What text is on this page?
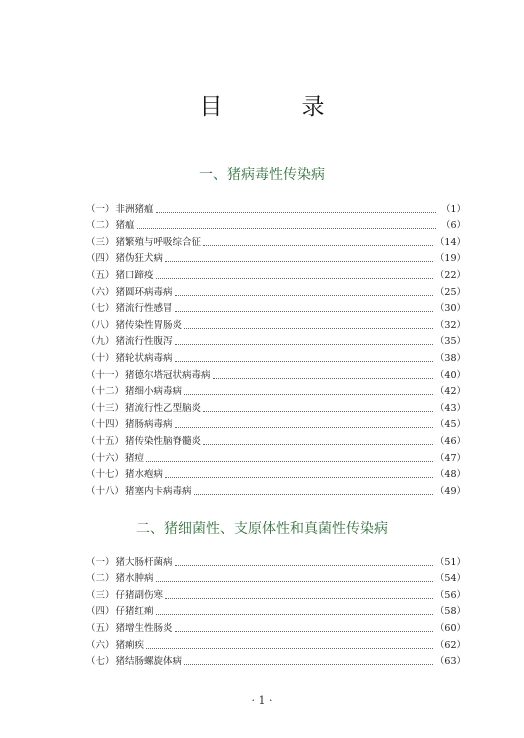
目　录
一、猪病毒性传染病
（一） 非洲猪瘟	（1）
（二） 猪瘟	（6）
（三） 猪繁殖与呼吸综合征	（14）
（四） 猪伪狂犬病	（19）
（五） 猪口蹄疫	（22）
（六） 猪圆环病毒病	（25）
（七） 猪流行性感冒	（30）
（八） 猪传染性胃肠炎	（32）
（九） 猪流行性腹泻	（35）
（十） 猪轮状病毒病	（38）
（十一） 猪德尔塔冠状病毒病	（40）
（十二） 猪细小病毒病	（42）
（十三） 猪流行性乙型脑炎	（43）
（十四） 猪肠病毒病	（45）
（十五） 猪传染性脑脊髓炎	（46）
（十六） 猪痘	（47）
（十七） 猪水疱病	（48）
（十八） 猪塞内卡病毒病	（49）
二、猪细菌性、支原体性和真菌性传染病
（一） 猪大肠杆菌病	（51）
（二） 猪水肿病	（54）
（三） 仔猪副伤寒	（56）
（四） 仔猪红痢	（58）
（五） 猪增生性肠炎	（60）
（六） 猪痢疾	（62）
（七） 猪结肠螺旋体病	（63）
· 1 ·
